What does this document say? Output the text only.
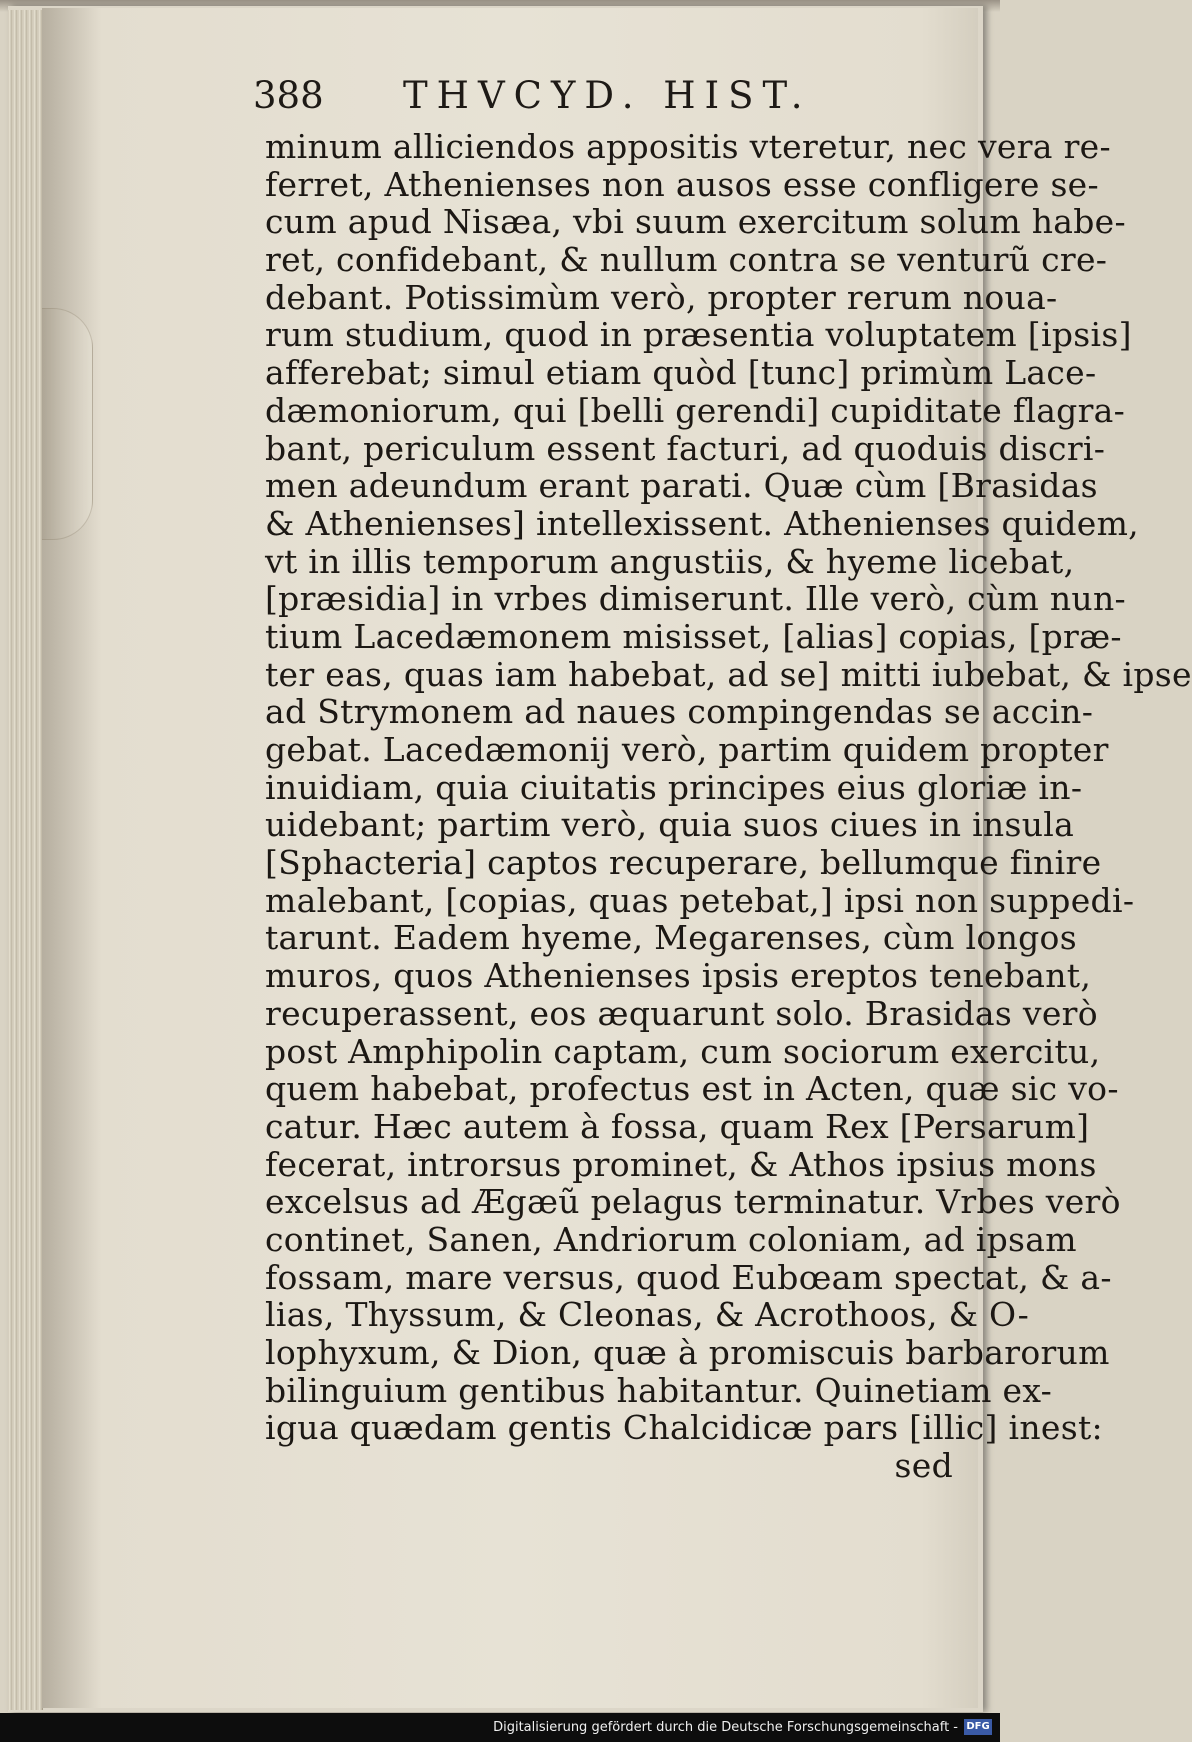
388 THVCYD. HIST.
minum alliciendos appositis vteretur, nec vera re-
ferret, Athenienses non ausos esse confligere se-
cum apud Nisæa, vbi suum exercitum solum habe-
ret, confidebant, & nullum contra se venturũ cre-
debant. Potissimùm verò, propter rerum noua-
rum studium, quod in præsentia voluptatem [ipsis]
afferebat; simul etiam quòd [tunc] primùm Lace-
dæmoniorum, qui [belli gerendi] cupiditate flagra-
bant, periculum essent facturi, ad quoduis discri-
men adeundum erant parati. Quæ cùm [Brasidas
& Athenienses] intellexissent. Athenienses quidem,
vt in illis temporum angustiis, & hyeme licebat,
[præsidia] in vrbes dimiserunt. Ille verò, cùm nun-
tium Lacedæmonem misisset, [alias] copias, [præ-
ter eas, quas iam habebat, ad se] mitti iubebat, & ipse
ad Strymonem ad naues compingendas se accin-
gebat. Lacedæmonij verò, partim quidem propter
inuidiam, quia ciuitatis principes eius gloriæ in-
uidebant; partim verò, quia suos ciues in insula
[Sphacteria] captos recuperare, bellumque finire
malebant, [copias, quas petebat,] ipsi non suppedi-
tarunt. Eadem hyeme, Megarenses, cùm longos
muros, quos Athenienses ipsis ereptos tenebant,
recuperassent, eos æquarunt solo. Brasidas verò
post Amphipolin captam, cum sociorum exercitu,
quem habebat, profectus est in Acten, quæ sic vo-
catur. Hæc autem à fossa, quam Rex [Persarum]
fecerat, introrsus prominet, & Athos ipsius mons
excelsus ad Ægæũ pelagus terminatur. Vrbes verò
continet, Sanen, Andriorum coloniam, ad ipsam
fossam, mare versus, quod Eubœam spectat, & a-
lias, Thyssum, & Cleonas, & Acrothoos, & O-
lophyxum, & Dion, quæ à promiscuis barbarorum
bilinguium gentibus habitantur. Quinetiam ex-
igua quædam gentis Chalcidicæ pars [illic] inest:
sed
Digitalisierung gefördert durch die Deutsche Forschungsgemeinschaft - DFG
